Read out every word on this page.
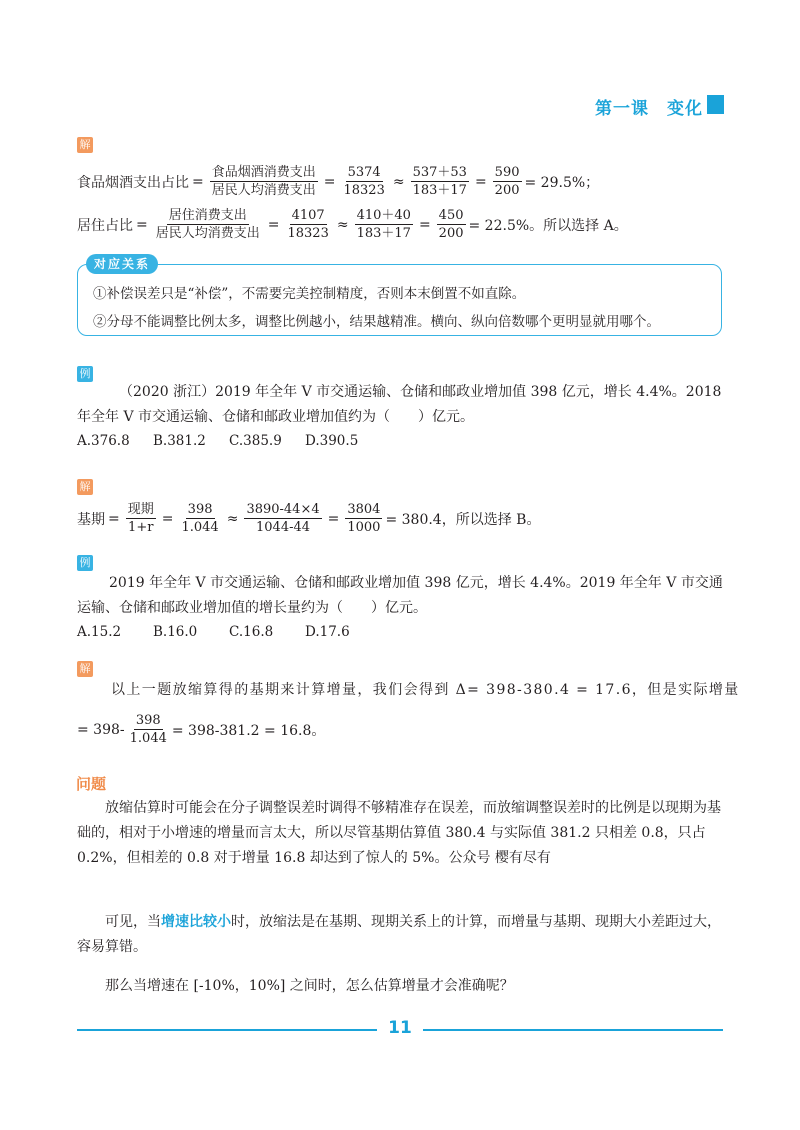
第一课　变化
解
食品烟酒支出占比 = $\frac{\text{食品烟酒消费支出}}{\text{居民人均消费支出}} = \frac{5374}{18323} \approx \frac{537+53}{183+17} = \frac{590}{200} = 29.5\%$；
居住占比 = $\frac{\text{居住消费支出}}{\text{居民人均消费支出}} = \frac{4107}{18323} \approx \frac{410+40}{183+17} = \frac{450}{200} = 22.5\%$。所以选择 A。
对应关系
①补偿误差只是“补偿”，不需要完美控制精度，否则本末倒置不如直除。
②分母不能调整比例太多，调整比例越小，结果越精准。横向、纵向倍数哪个更明显就用哪个。
例
（2020 浙江）2019 年全年 V 市交通运输、仓储和邮政业增加值 398 亿元，增长 4.4%。2018 年全年 V 市交通运输、仓储和邮政业增加值约为（　　）亿元。
A.376.8 B.381.2 C.385.9 D.390.5
解
基期 = $\frac{\text{现期}}{1+r} = \frac{398}{1.044} \approx \frac{3890-44\times 4}{1044-44} = \frac{3804}{1000} = 380.4$，所以选择 B。
例
2019 年全年 V 市交通运输、仓储和邮政业增加值 398 亿元，增长 4.4%。2019 年全年 V 市交通运输、仓储和邮政业增加值的增长量约为（　　）亿元。
A.15.2 B.16.0 C.16.8 D.17.6
解
以上一题放缩算得的基期来计算增量，我们会得到 Δ= 398-380.4 = 17.6，但是实际增量
= $398- \frac{398}{1.044} = 398-381.2 = 16.8$。
问题
放缩估算时可能会在分子调整误差时调得不够精准存在误差，而放缩调整误差时的比例是以现期为基础的，相对于小增速的增量而言太大，所以尽管基期估算值 380.4 与实际值 381.2 只相差 0.8，只占 0.2%，但相差的 0.8 对于增量 16.8 却达到了惊人的 5%。公众号 樱有尽有
可见，当增速比较小时，放缩法是在基期、现期关系上的计算，而增量与基期、现期大小差距过大，容易算错。
那么当增速在 [-10%，10%] 之间时，怎么估算增量才会准确呢？
11
